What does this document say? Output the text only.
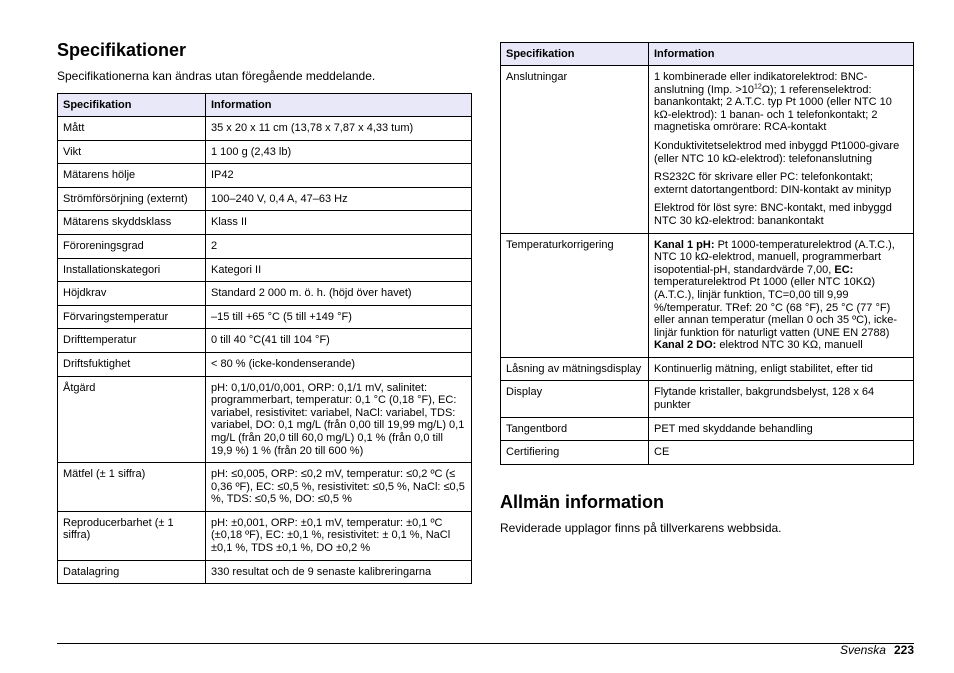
Specifikationer

Specifikationerna kan ändras utan föregående meddelande.

Specifikation	Information
Mått	35 x 20 x 11 cm (13,78 x 7,87 x 4,33 tum)
Vikt	1 100 g (2,43 lb)
Mätarens hölje	IP42
Strömförsörjning (externt)	100–240 V, 0,4 A, 47–63 Hz
Mätarens skyddsklass	Klass II
Föroreningsgrad	2
Installationskategori	Kategori II
Höjdkrav	Standard 2 000 m. ö. h. (höjd över havet)
Förvaringstemperatur	–15 till +65 °C (5 till +149 °F)
Drifttemperatur	0 till 40 °C(41 till 104 °F)
Driftsfuktighet	< 80 % (icke-kondenserande)
Åtgärd	pH: 0,1/0,01/0,001, ORP: 0,1/1 mV, salinitet: programmerbart, temperatur: 0,1 °C (0,18 °F), EC: variabel, resistivitet: variabel, NaCl: variabel, TDS: variabel, DO: 0,1 mg/L (från 0,00 till 19,99 mg/L) 0,1 mg/L (från 20,0 till 60,0 mg/L) 0,1 % (från 0,0 till 19,9 %) 1 % (från 20 till 600 %)
Mätfel (± 1 siffra)	pH: ≤0,005, ORP: ≤0,2 mV, temperatur: ≤0,2 ºC (≤ 0,36 ºF), EC: ≤0,5 %, resistivitet: ≤0,5 %, NaCl: ≤0,5 %, TDS: ≤0,5 %, DO: ≤0,5 %
Reproducerbarhet (± 1 siffra)	pH: ±0,001, ORP: ±0,1 mV, temperatur: ±0,1 ºC (±0,18 ºF), EC: ±0,1 %, resistivitet: ± 0,1 %, NaCl ±0,1 %, TDS ±0,1 %, DO ±0,2 %
Datalagring	330 resultat och de 9 senaste kalibreringarna
Specifikation	Information
Anslutningar	1 kombinerade eller indikatorelektrod: BNC-anslutning (Imp. $>10^{12}\Omega$); 1 referenselektrod: banankontakt; 2 A.T.C. typ Pt 1000 (eller NTC 10 kΩ-elektrod): 1 banan- och 1 telefonkontakt; 2 magnetiska omrörare: RCA-kontakt
Konduktivitetselektrod med inbyggd Pt1000-givare (eller NTC 10 kΩ-elektrod): telefonanslutning
RS232C för skrivare eller PC: telefonkontakt; externt datortangentbord: DIN-kontakt av minityp
Elektrod för löst syre: BNC-kontakt, med inbyggd NTC 30 kΩ-elektrod: banankontakt

Temperaturkorrigering	Kanal 1 pH: Pt 1000-temperaturelektrod (A.T.C.), NTC 10 kΩ-elektrod, manuell, programmerbart isopotential-pH, standardvärde 7,00, EC: temperaturelektrod Pt 1000 (eller NTC 10KΩ) (A.T.C.), linjär funktion, TC=0,00 till 9,99 %/temperatur. TRef: 20 °C (68 °F), 25 °C (77 °F) eller annan temperatur (mellan 0 och 35 ºC), icke-linjär funktion för naturligt vatten (UNE EN 2788) Kanal 2 DO: elektrod NTC 30 KΩ, manuell
Låsning av mätningsdisplay	Kontinuerlig mätning, enligt stabilitet, efter tid
Display	Flytande kristaller, bakgrundsbelyst, 128 x 64 punkter
Tangentbord	PET med skyddande behandling
Certifiering	CE
Allmän information

Reviderade upplagor finns på tillverkarens webbsida.

Svenska 223
